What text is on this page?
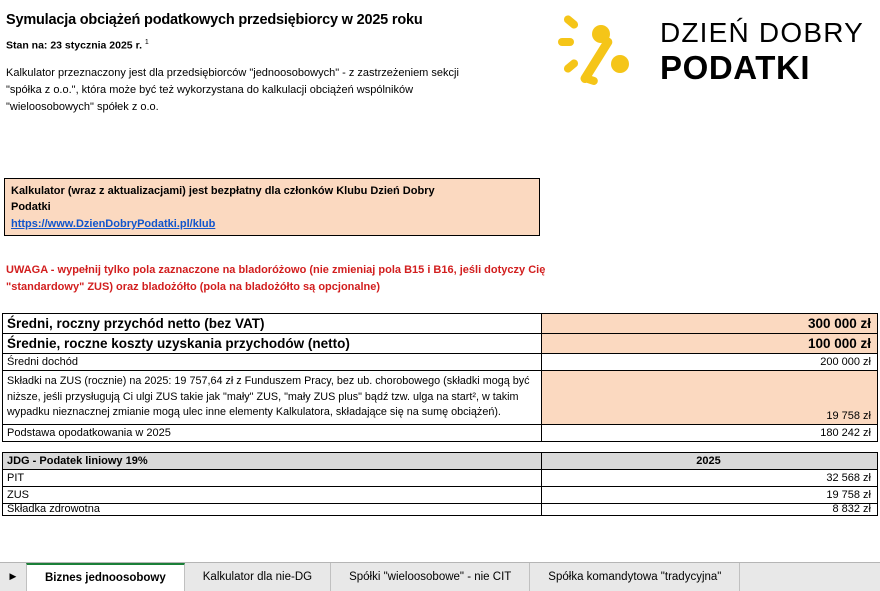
Symulacja obciążeń podatkowych przedsiębiorcy w 2025 roku
Stan na: 23 stycznia 2025 r. $^1$
Kalkulator przeznaczony jest dla przedsiębiorców "jednoosobowych" - z zastrzeżeniem sekcji
"spółka z o.o.", która może być też wykorzystana do kalkulacji obciążeń wspólników
"wieloosobowych" spółek z o.o.
DZIEŃ DOBRY
PODATKI
Kalkulator (wraz z aktualizacjami) jest bezpłatny dla członków Klubu Dzień Dobry
Podatki
https://www.DzienDobryPodatki.pl/klub
UWAGA - wypełnij tylko pola zaznaczone na bladoróżowo (nie zmieniaj pola B15 i B16, jeśli dotyczy Cię "standardowy" ZUS) oraz bladożółto (pola na bladożółto są opcjonalne)
Średni, roczny przychód netto (bez VAT)	300 000 zł
Średnie, roczne koszty uzyskania przychodów (netto)	100 000 zł
Średni dochód	200 000 zł
Składki na ZUS (rocznie) na 2025: 19 757,64 zł z Funduszem Pracy, bez ub. chorobowego (składki mogą być niższe, jeśli przysługują Ci ulgi ZUS takie jak "mały" ZUS, "mały ZUS plus" bądź tzw. ulga na start², w takim wypadku nieznacznej zmianie mogą ulec inne elementy Kalkulatora, składające się na sumę obciążeń).	19 758 zł
Podstawa opodatkowania w 2025	180 242 zł
JDG - Podatek liniowy 19%	2025
PIT	32 568 zł
ZUS	19 758 zł
Składka zdrowotna	8 832 zł
►	Biznes jednoosobowy	Kalkulator dla nie-DG	Spółki "wieloosobowe" - nie CIT	Spółka komandytowa "tradycyjna"
